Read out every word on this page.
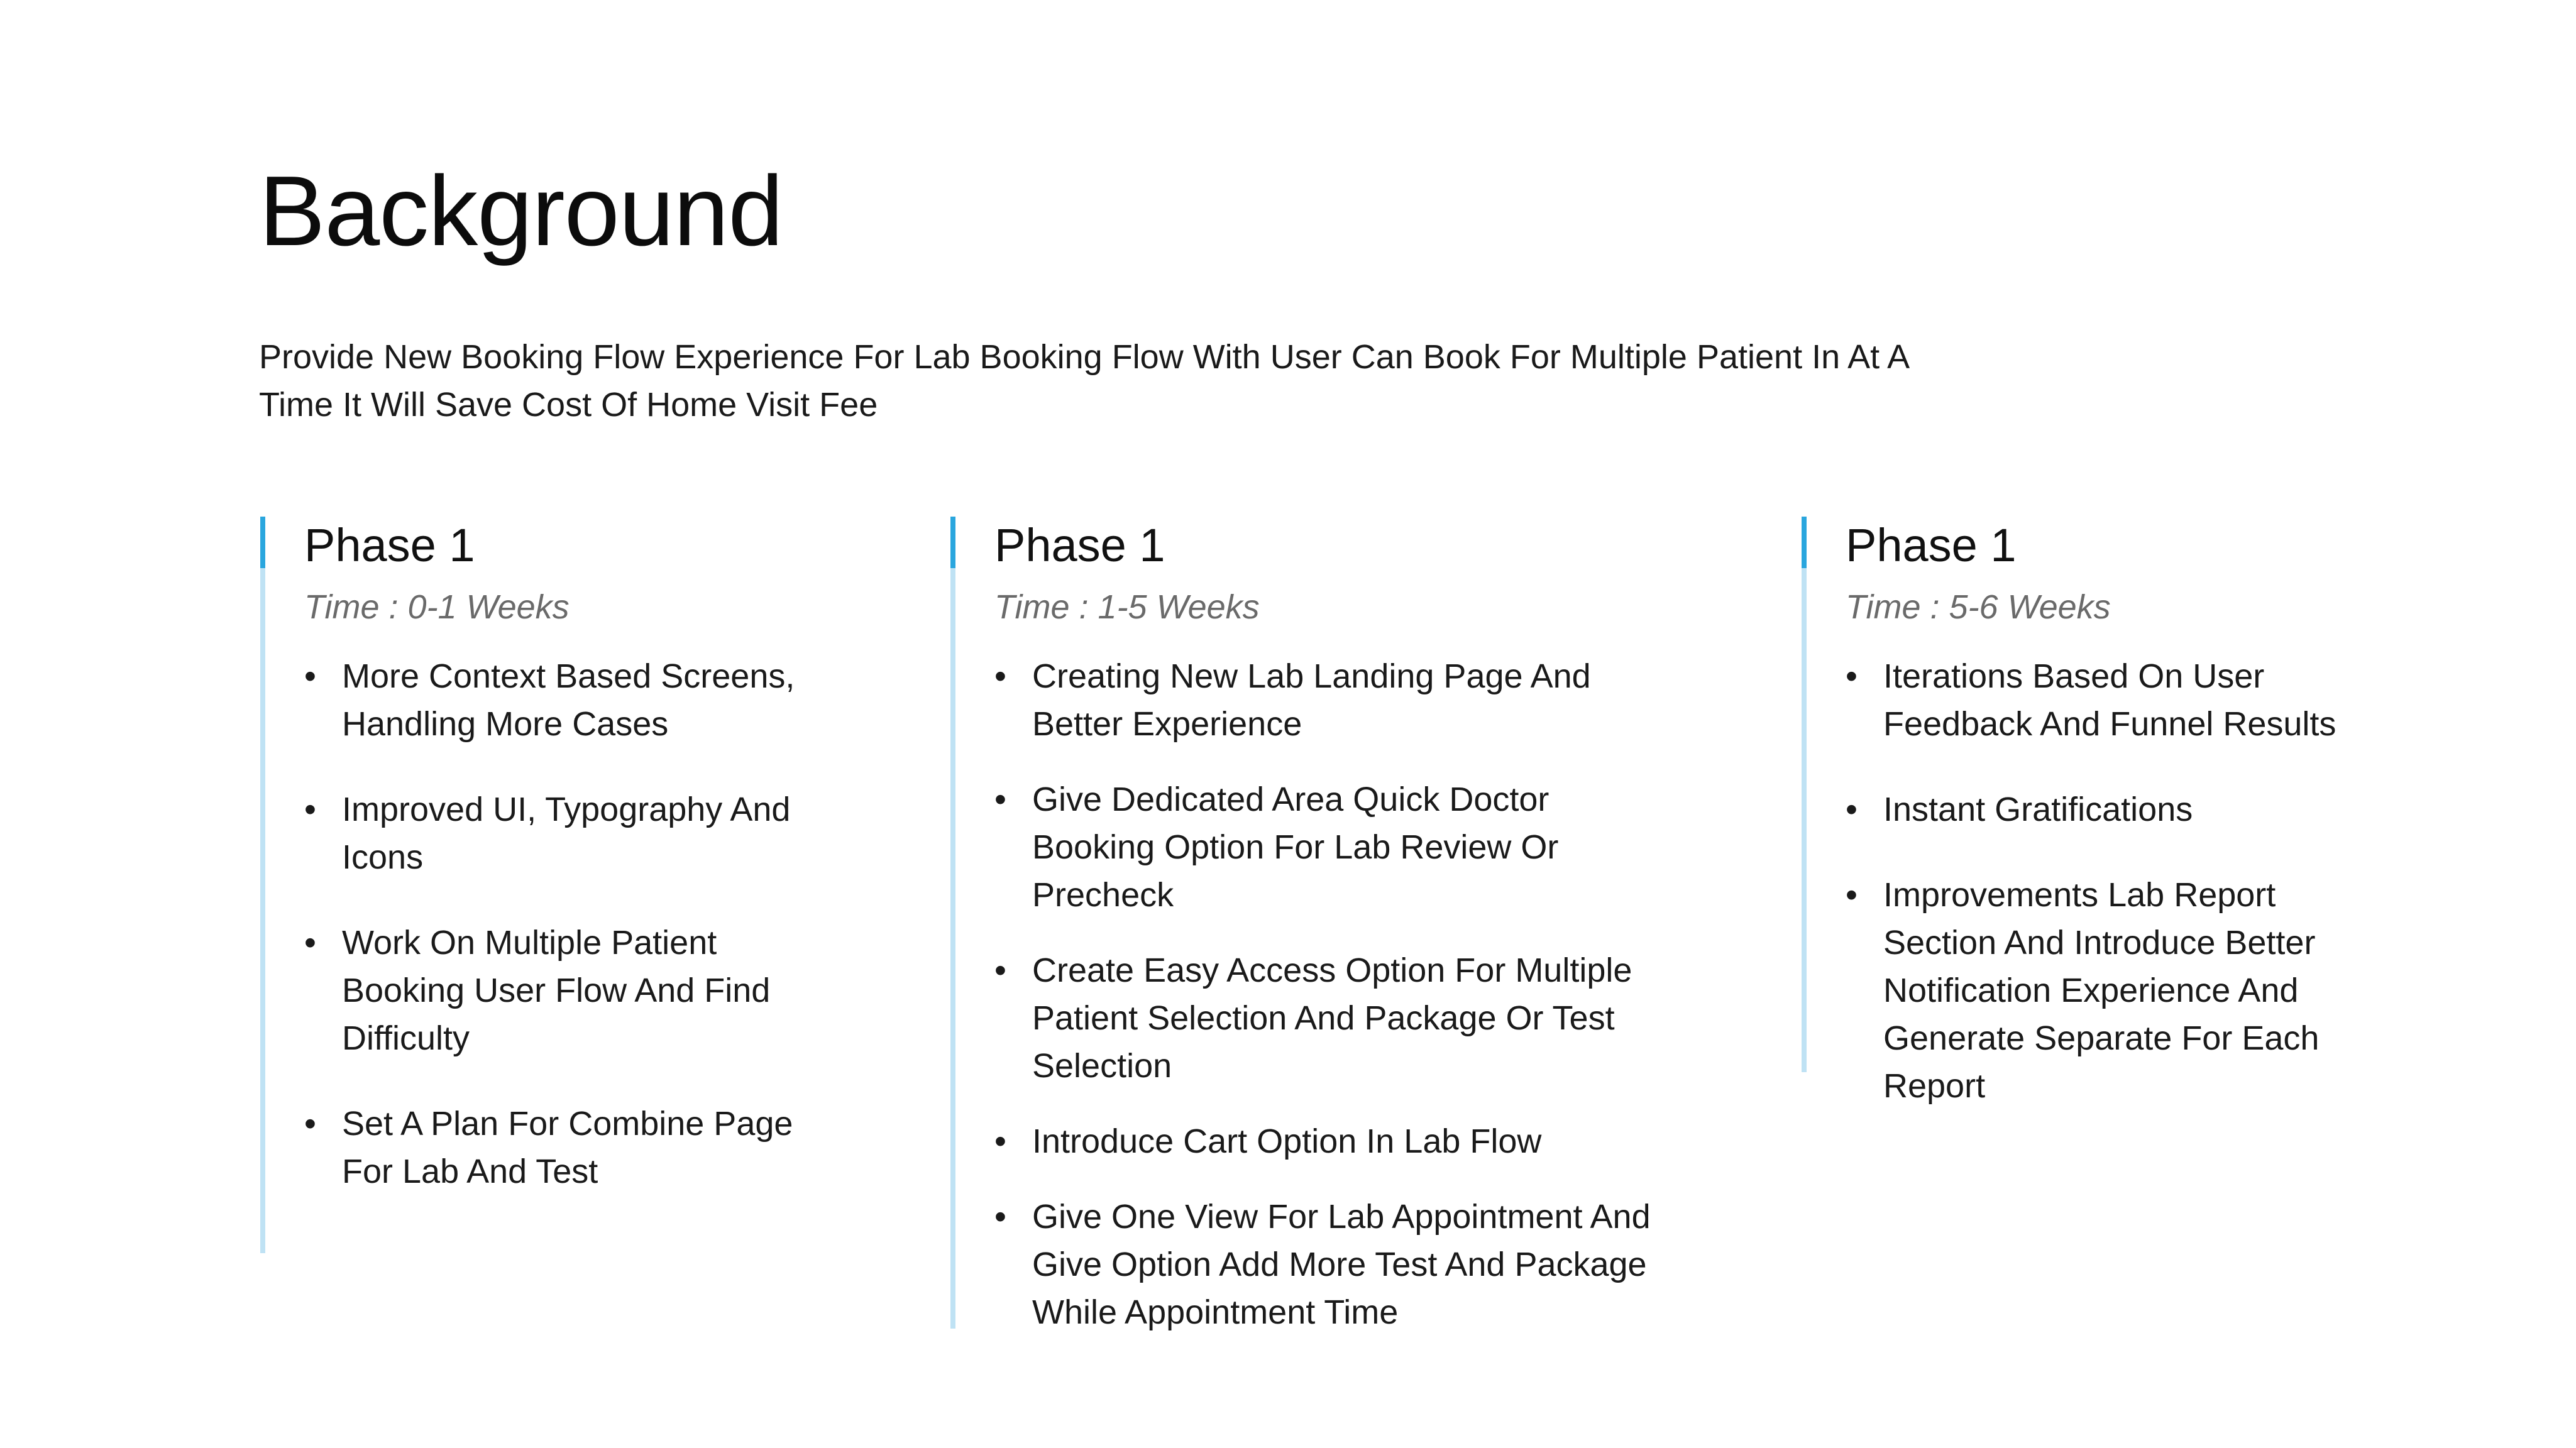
Background

Provide New Booking Flow Experience For Lab Booking Flow With User Can Book For Multiple Patient In At A
Time It Will Save Cost Of Home Visit Fee

Phase 1

Time : 0-1 Weeks

• More Context Based Screens,
Handling More Cases
• Improved UI, Typography And
Icons
• Work On Multiple Patient
Booking User Flow And Find
Difficulty
• Set A Plan For Combine Page
For Lab And Test
Phase 1

Time : 1-5 Weeks

• Creating New Lab Landing Page And
Better Experience
• Give Dedicated Area Quick Doctor
Booking Option For Lab Review Or
Precheck
• Create Easy Access Option For Multiple
Patient Selection And Package Or Test
Selection
• Introduce Cart Option In Lab Flow
• Give One View For Lab Appointment And
Give Option Add More Test And Package
While Appointment Time
Phase 1

Time : 5-6 Weeks

• Iterations Based On User
Feedback And Funnel Results
• Instant Gratifications
• Improvements Lab Report
Section And Introduce Better
Notification Experience And
Generate Separate For Each
Report
